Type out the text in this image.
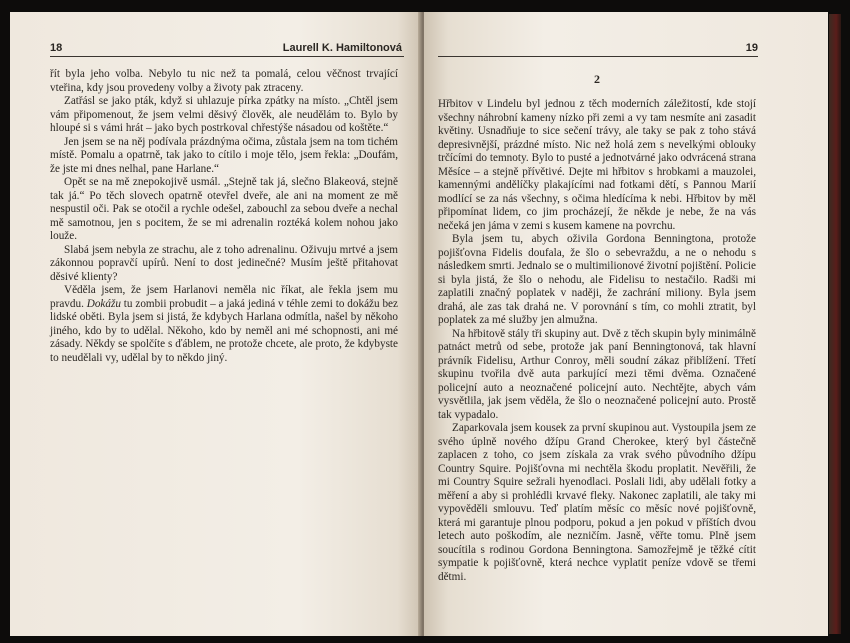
18	Laurell K. Hamiltonová

řít byla jeho volba. Nebylo tu nic než ta pomalá, celou věčnost trvající vteřina, kdy jsou provedeny volby a životy pak ztraceny.

Zatřásl se jako pták, když si uhlazuje pírka zpátky na místo. „Chtěl jsem vám připomenout, že jsem velmi děsivý člověk, ale neudělám to. Bylo by hloupé si s vámi hrát – jako bych postrkoval chřestýše násadou od koštěte.“

Jen jsem se na něj podívala prázdnýma očima, zůstala jsem na tom tichém místě. Pomalu a opatrně, tak jako to cítilo i moje tělo, jsem řekla: „Doufám, že jste mi dnes nelhal, pane Harlane.“

Opět se na mě znepokojivě usmál. „Stejně tak já, slečno Blakeová, stejně tak já.“ Po těch slovech opatrně otevřel dveře, ale ani na moment ze mě nespustil oči. Pak se otočil a rychle odešel, zabouchl za sebou dveře a nechal mě samotnou, jen s pocitem, že se mi adrenalin roztéká kolem nohou jako louže.

Slabá jsem nebyla ze strachu, ale z toho adrenalinu. Oživuju mrtvé a jsem zákonnou popravčí upírů. Není to dost jedinečné? Musím ještě přitahovat děsivé klienty?

Věděla jsem, že jsem Harlanovi neměla nic říkat, ale řekla jsem mu pravdu. Dokážu tu zombii probudit – a jaká jediná v téhle zemi to dokážu bez lidské oběti. Byla jsem si jistá, že kdybych Harlana odmítla, našel by někoho jiného, kdo by to udělal. Někoho, kdo by neměl ani mé schopnosti, ani mé zásady. Někdy se spolčíte s ďáblem, ne protože chcete, ale proto, že kdybyste to neudělali vy, udělal by to někdo jiný.

19
2

Hřbitov v Lindelu byl jednou z těch moderních záležitostí, kde stojí všechny náhrobní kameny nízko při zemi a vy tam nesmíte ani zasadit květiny. Usnadňuje to sice sečení trávy, ale taky se pak z toho stává depresivnější, prázdné místo. Nic než holá zem s nevelkými oblouky trčícími do temnoty. Bylo to pusté a jednotvárné jako odvrácená strana Měsíce – a stejně přívětivé. Dejte mi hřbitov s hrobkami a mauzolei, kamennými andělíčky plakajícími nad fotkami dětí, s Pannou Marií modlící se za nás všechny, s očima hledícíma k nebi. Hřbitov by měl připomínat lidem, co jim procházejí, že někde je nebe, že na vás nečeká jen jáma v zemi s kusem kamene na povrchu.

Byla jsem tu, abych oživila Gordona Benningtona, protože pojišťovna Fidelis doufala, že šlo o sebevraždu, a ne o nehodu s následkem smrti. Jednalo se o multimilionové životní pojištění. Policie si byla jistá, že šlo o nehodu, ale Fidelisu to nestačilo. Radši mi zaplatili značný poplatek v naději, že zachrání miliony. Byla jsem drahá, ale zas tak drahá ne. V porovnání s tím, co mohli ztratit, byl poplatek za mé služby jen almužna.

Na hřbitově stály tři skupiny aut. Dvě z těch skupin byly minimálně patnáct metrů od sebe, protože jak paní Benningtonová, tak hlavní právník Fidelisu, Arthur Conroy, měli soudní zákaz přiblížení. Třetí skupinu tvořila dvě auta parkující mezi těmi dvěma. Označené policejní auto a neoznačené policejní auto. Nechtějte, abych vám vysvětlila, jak jsem věděla, že šlo o neoznačené policejní auto. Prostě tak vypadalo.

Zaparkovala jsem kousek za první skupinou aut. Vystoupila jsem ze svého úplně nového džípu Grand Cherokee, který byl částečně zaplacen z toho, co jsem získala za vrak svého původního džípu Country Squire. Pojišťovna mi nechtěla škodu proplatit. Nevěřili, že mi Country Squire sežrali hyenodlaci. Poslali lidi, aby udělali fotky a měření a aby si prohlédli krvavé fleky. Nakonec zaplatili, ale taky mi vypověděli smlouvu. Teď platím měsíc co měsíc nové pojišťovně, která mi garantuje plnou podporu, pokud a jen pokud v příštích dvou letech auto poškodím, ale nezničím. Jasně, věřte tomu. Plně jsem soucítila s rodinou Gordona Benningtona. Samozřejmě je těžké cítit sympatie k pojišťovně, která nechce vyplatit peníze vdově se třemi dětmi.
